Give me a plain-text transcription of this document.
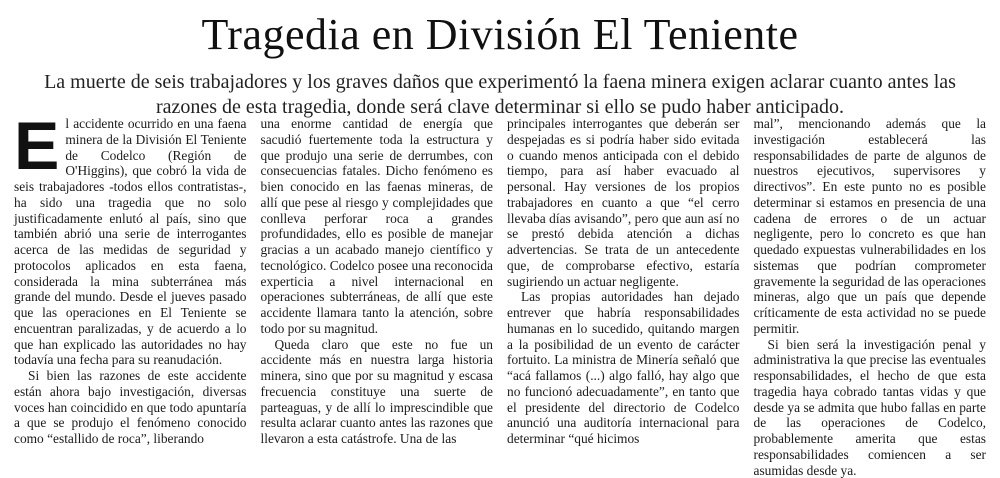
Tragedia en División El Teniente

La muerte de seis trabajadores y los graves daños que experimentó la faena minera exigen aclarar cuanto antes las razones de esta tragedia, donde será clave determinar si ello se pudo haber anticipado.

El accidente ocurrido en una faena minera de la División El Teniente de Codelco (Región de O'Higgins), que cobró la vida de seis trabajadores -todos ellos contratistas-, ha sido una tragedia que no solo justificadamente enlutó al país, sino que también abrió una serie de interrogantes acerca de las medidas de seguridad y protocolos aplicados en esta faena, considerada la mina subterránea más grande del mundo. Desde el jueves pasado que las operaciones en El Teniente se encuentran paralizadas, y de acuerdo a lo que han explicado las autoridades no hay todavía una fecha para su reanudación.

Si bien las razones de este accidente están ahora bajo investigación, diversas voces han coincidido en que todo apuntaría a que se produjo el fenómeno conocido como “estallido de roca”, liberando

una enorme cantidad de energía que sacudió fuertemente toda la estructura y que produjo una serie de derrumbes, con consecuencias fatales. Dicho fenómeno es bien conocido en las faenas mineras, de allí que pese al riesgo y complejidades que conlleva perforar roca a grandes profundidades, ello es posible de manejar gracias a un acabado manejo científico y tecnológico. Codelco posee una reconocida experticia a nivel internacional en operaciones subterráneas, de allí que este accidente llamara tanto la atención, sobre todo por su magnitud.

Queda claro que este no fue un accidente más en nuestra larga historia minera, sino que por su magnitud y escasa frecuencia constituye una suerte de parteaguas, y de allí lo imprescindible que resulta aclarar cuanto antes las razones que llevaron a esta catástrofe. Una de las

principales interrogantes que deberán ser despejadas es si podría haber sido evitada o cuando menos anticipada con el debido tiempo, para así haber evacuado al personal. Hay versiones de los propios trabajadores en cuanto a que “el cerro llevaba días avisando”, pero que aun así no se prestó debida atención a dichas advertencias. Se trata de un antecedente que, de comprobarse efectivo, estaría sugiriendo un actuar negligente.

Las propias autoridades han dejado entrever que habría responsabilidades humanas en lo sucedido, quitando margen a la posibilidad de un evento de carácter fortuito. La ministra de Minería señaló que “acá fallamos (...) algo falló, hay algo que no funcionó adecuadamente”, en tanto que el presidente del directorio de Codelco anunció una auditoría internacional para determinar “qué hicimos

mal”, mencionando además que la investigación establecerá las responsabilidades de parte de algunos de nuestros ejecutivos, supervisores y directivos”. En este punto no es posible determinar si estamos en presencia de una cadena de errores o de un actuar negligente, pero lo concreto es que han quedado expuestas vulnerabilidades en los sistemas que podrían comprometer gravemente la seguridad de las operaciones mineras, algo que un país que depende críticamente de esta actividad no se puede permitir.

Si bien será la investigación penal y administrativa la que precise las eventuales responsabilidades, el hecho de que esta tragedia haya cobrado tantas vidas y que desde ya se admita que hubo fallas en parte de las operaciones de Codelco, probablemente amerita que estas responsabilidades comiencen a ser asumidas desde ya.
